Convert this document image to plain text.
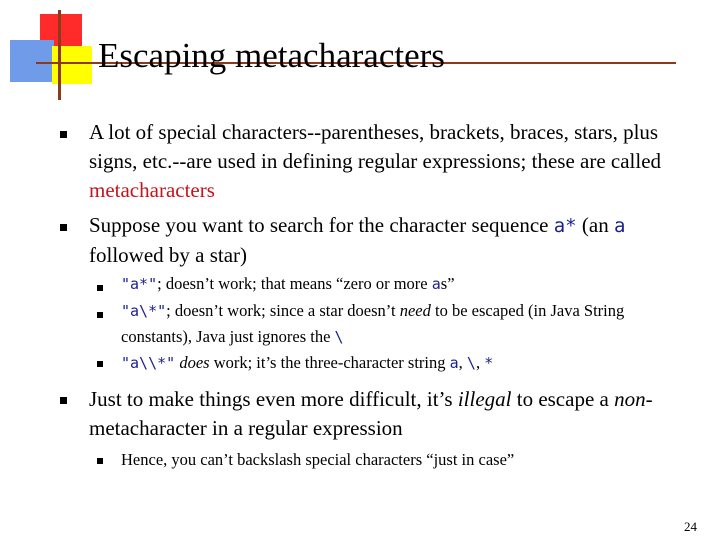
Escaping metacharacters
A lot of special characters--parentheses, brackets, braces, stars, plus signs, etc.--are used in defining regular expressions; these are called metacharacters
Suppose you want to search for the character sequence a* (an a followed by a star)
"a*"; doesn’t work; that means “zero or more as”
"a\*"; doesn’t work; since a star doesn’t need to be escaped (in Java String constants), Java just ignores the \
"a\\*" does work; it’s the three-character string a, \, *
Just to make things even more difficult, it’s illegal to escape a non-metacharacter in a regular expression
Hence, you can’t backslash special characters “just in case”
24
